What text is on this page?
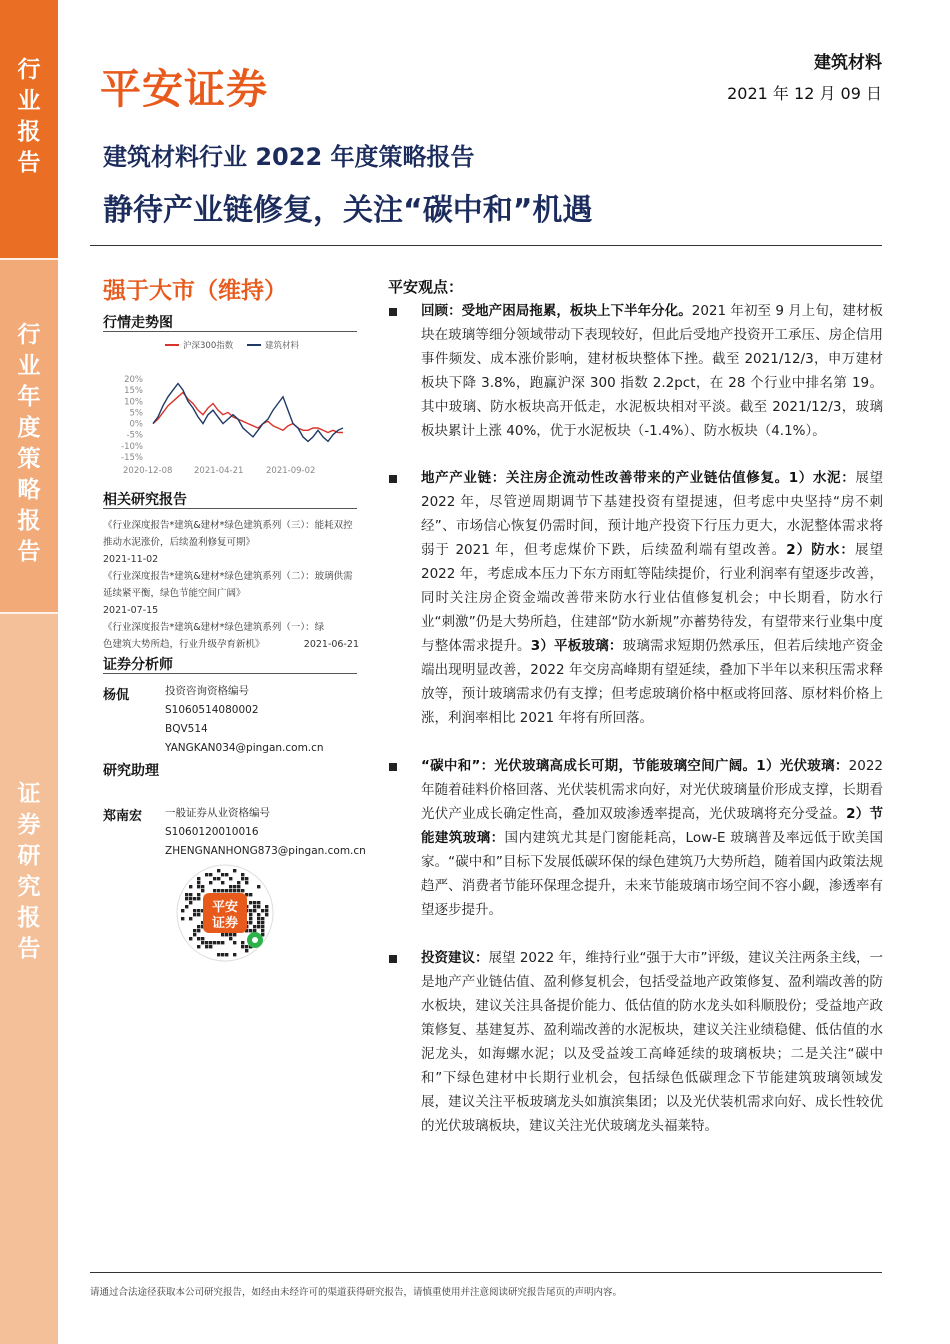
行
业
报
告
行
业
年
度
策
略
报
告
证
券
研
究
报
告
平安证券
建筑材料
2021 年 12 月 09 日
建筑材料行业 2022 年度策略报告
静待产业链修复，关注“碳中和”机遇
强于大市（维持）
行情走势图
沪深300指数	建筑材料
20%
15%
10%
5%
0%
-5%
-10%
-15%
2020-12-08	2021-04-21	2021-09-02
相关研究报告
《行业深度报告*建筑&建材*绿色建筑系列（三）：能耗双控推动水泥涨价，后续盈利修复可期》
2021-11-02
《行业深度报告*建筑&建材*绿色建筑系列（二）：玻璃供需延续紧平衡，绿色节能空间广阔》
2021-07-15
《行业深度报告*建筑&建材*绿色建筑系列（一）：绿
色建筑大势所趋，行业升级孕育新机》	2021-06-21
证券分析师
杨侃	投资咨询资格编号
S1060514080002
BQV514
YANGKAN034@pingan.com.cn
研究助理
郑南宏 一般证券从业资格编号
S1060120010016
ZHENGNANHONG873@pingan.com.cn
平安
证券
平安观点：
回顾：受地产困局拖累，板块上下半年分化。2021 年初至 9 月上旬，建材板块在玻璃等细分领域带动下表现较好，但此后受地产投资开工承压、房企信用事件频发、成本涨价影响，建材板块整体下挫。截至 2021/12/3，申万建材板块下降 3.8%，跑赢沪深 300 指数 2.2pct，在 28 个行业中排名第 19。其中玻璃、防水板块高开低走，水泥板块相对平淡。截至 2021/12/3，玻璃板块累计上涨 40%，优于水泥板块（-1.4%）、防水板块（4.1%）。
地产产业链：关注房企流动性改善带来的产业链估值修复。1）水泥：展望 2022 年，尽管逆周期调节下基建投资有望提速，但考虑中央坚持“房不刺经”、市场信心恢复仍需时间，预计地产投资下行压力更大，水泥整体需求将弱于 2021 年，但考虑煤价下跌，后续盈利端有望改善。2）防水：展望 2022 年，考虑成本压力下东方雨虹等陆续提价，行业利润率有望逐步改善，同时关注房企资金端改善带来防水行业估值修复机会；中长期看，防水行业“刺激”仍是大势所趋，住建部“防水新规”亦蓄势待发，有望带来行业集中度与整体需求提升。3）平板玻璃：玻璃需求短期仍然承压，但若后续地产资金端出现明显改善，2022 年交房高峰期有望延续，叠加下半年以来积压需求释放等，预计玻璃需求仍有支撑；但考虑玻璃价格中枢或将回落、原材料价格上涨，利润率相比 2021 年将有所回落。
“碳中和”：光伏玻璃高成长可期，节能玻璃空间广阔。1）光伏玻璃：2022 年随着硅料价格回落、光伏装机需求向好，对光伏玻璃量价形成支撑，长期看光伏产业成长确定性高，叠加双玻渗透率提高，光伏玻璃将充分受益。2）节能建筑玻璃：国内建筑尤其是门窗能耗高，Low-E 玻璃普及率远低于欧美国家。“碳中和”目标下发展低碳环保的绿色建筑乃大势所趋，随着国内政策法规趋严、消费者节能环保理念提升，未来节能玻璃市场空间不容小觑，渗透率有望逐步提升。
投资建议：展望 2022 年，维持行业“强于大市”评级，建议关注两条主线，一是地产产业链估值、盈利修复机会，包括受益地产政策修复、盈利端改善的防水板块，建议关注具备提价能力、低估值的防水龙头如科顺股份；受益地产政策修复、基建复苏、盈利端改善的水泥板块，建议关注业绩稳健、低估值的水泥龙头，如海螺水泥；以及受益竣工高峰延续的玻璃板块；二是关注“碳中和”下绿色建材中长期行业机会，包括绿色低碳理念下节能建筑玻璃领域发展，建议关注平板玻璃龙头如旗滨集团；以及光伏装机需求向好、成长性较优的光伏玻璃板块，建议关注光伏玻璃龙头福莱特。
请通过合法途径获取本公司研究报告，如经由未经许可的渠道获得研究报告，请慎重使用并注意阅读研究报告尾页的声明内容。
